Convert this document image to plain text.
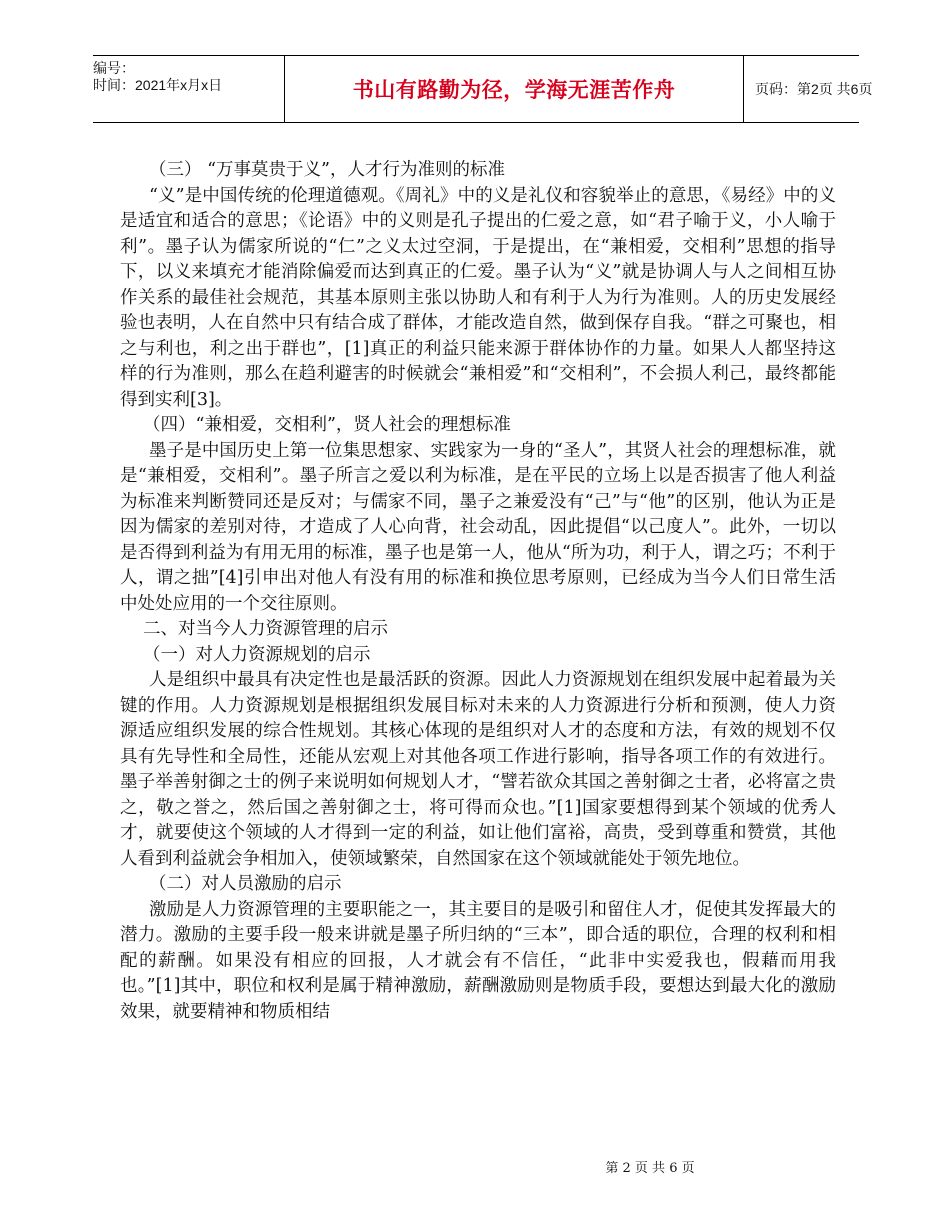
编号：
时间：2021年x月x日	书山有路勤为径，学海无涯苦作舟	页码：第2页 共6页

（三） “万事莫贵于义”，人才行为准则的标准

“义”是中国传统的伦理道德观。《周礼》中的义是礼仪和容貌举止的意思，《易经》中的义是适宜和适合的意思；《论语》中的义则是孔子提出的仁爱之意，如“君子喻于义，小人喻于利”。墨子认为儒家所说的“仁”之义太过空洞，于是提出，在“兼相爱，交相利”思想的指导下，以义来填充才能消除偏爱而达到真正的仁爱。墨子认为“义”就是协调人与人之间相互协作关系的最佳社会规范，其基本原则主张以协助人和有利于人为行为准则。人的历史发展经验也表明，人在自然中只有结合成了群体，才能改造自然，做到保存自我。“群之可聚也，相之与利也，利之出于群也”，[1]真正的利益只能来源于群体协作的力量。如果人人都坚持这样的行为准则，那么在趋利避害的时候就会“兼相爱”和“交相利”，不会损人利己，最终都能得到实利[3]。

（四）“兼相爱，交相利”，贤人社会的理想标准

墨子是中国历史上第一位集思想家、实践家为一身的“圣人”，其贤人社会的理想标准，就是“兼相爱，交相利”。墨子所言之爱以利为标准，是在平民的立场上以是否损害了他人利益为标准来判断赞同还是反对；与儒家不同，墨子之兼爱没有“己”与“他”的区别，他认为正是因为儒家的差别对待，才造成了人心向背，社会动乱，因此提倡“以己度人”。此外，一切以是否得到利益为有用无用的标准，墨子也是第一人，他从“所为功，利于人，谓之巧；不利于人，谓之拙”[4]引申出对他人有没有用的标准和换位思考原则，已经成为当今人们日常生活中处处应用的一个交往原则。

二、对当今人力资源管理的启示

（一）对人力资源规划的启示

人是组织中最具有决定性也是最活跃的资源。因此人力资源规划在组织发展中起着最为关键的作用。人力资源规划是根据组织发展目标对未来的人力资源进行分析和预测，使人力资源适应组织发展的综合性规划。其核心体现的是组织对人才的态度和方法，有效的规划不仅具有先导性和全局性，还能从宏观上对其他各项工作进行影响，指导各项工作的有效进行。墨子举善射御之士的例子来说明如何规划人才，“譬若欲众其国之善射御之士者，必将富之贵之，敬之誉之，然后国之善射御之士，将可得而众也。”[1]国家要想得到某个领域的优秀人才，就要使这个领域的人才得到一定的利益，如让他们富裕，高贵，受到尊重和赞赏，其他人看到利益就会争相加入，使领域繁荣，自然国家在这个领域就能处于领先地位。

（二）对人员激励的启示

激励是人力资源管理的主要职能之一，其主要目的是吸引和留住人才，促使其发挥最大的潜力。激励的主要手段一般来讲就是墨子所归纳的“三本”，即合适的职位，合理的权利和相配的薪酬。如果没有相应的回报，人才就会有不信任，“此非中实爱我也，假藉而用我也。”[1]其中，职位和权利是属于精神激励，薪酬激励则是物质手段，要想达到最大化的激励效果，就要精神和物质相结

第 2 页 共 6 页
